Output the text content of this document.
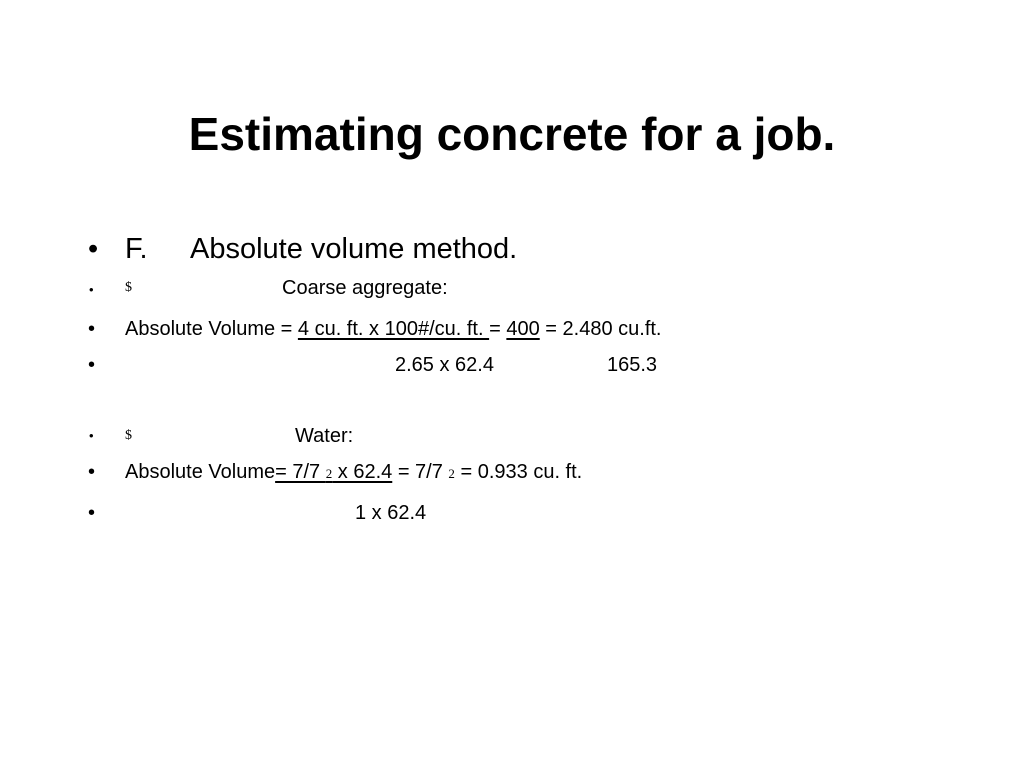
Estimating concrete for a job.
• F. Absolute volume method.
• $	Coarse aggregate:
• Absolute Volume = 4 cu. ft. x 100#/cu. ft. = 400 = 2.480 cu.ft.
•	2.65 x 62.4	165.3
• $	Water:
• Absolute Volume= 7/7 2 x 62.4 = 7/7 2 = 0.933 cu. ft.
•	1 x 62.4
